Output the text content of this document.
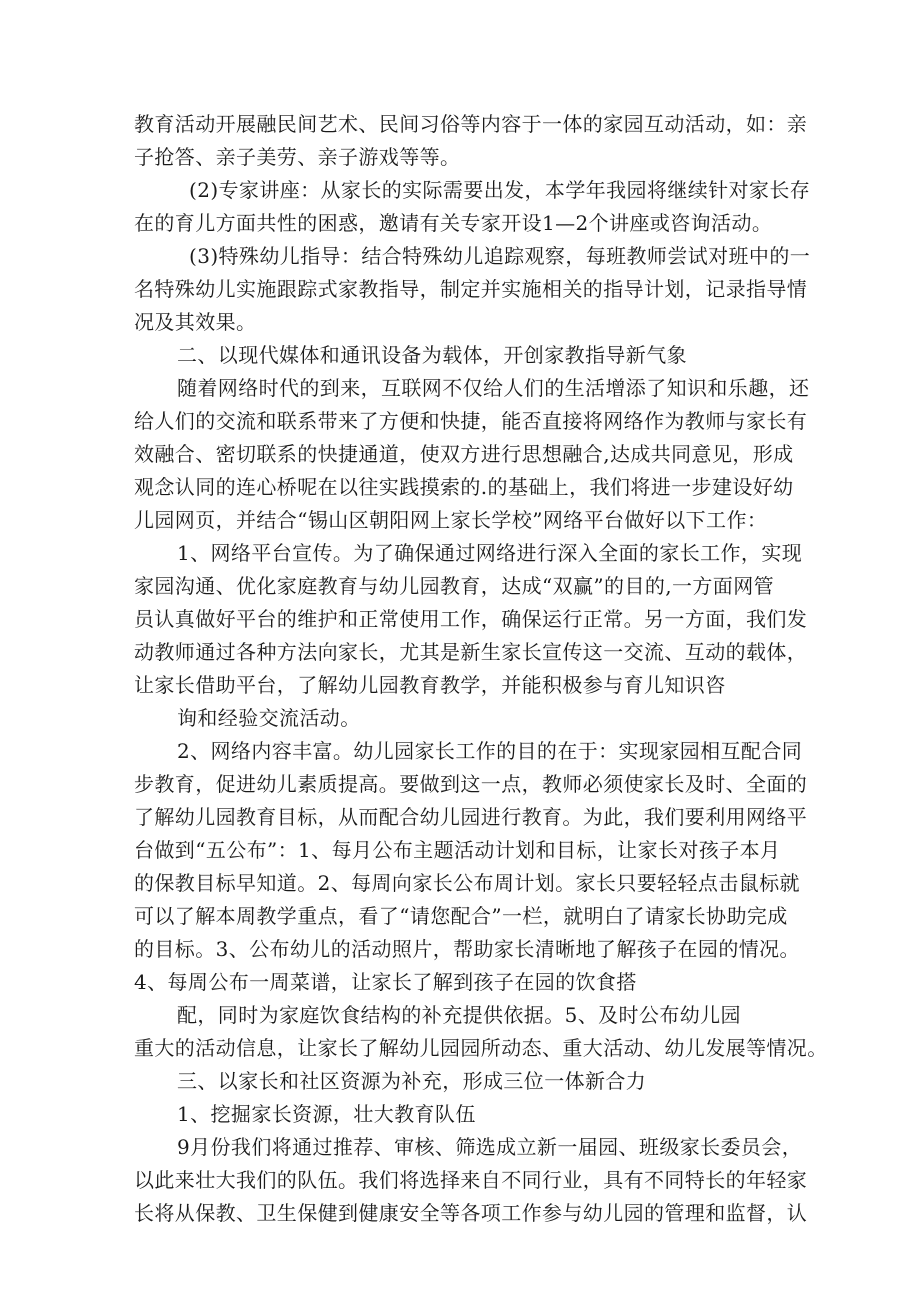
教育活动开展融民间艺术、民间习俗等内容于一体的家园互动活动，如：亲
子抢答、亲子美劳、亲子游戏等等。
(2)专家讲座：从家长的实际需要出发，本学年我园将继续针对家长存
在的育儿方面共性的困惑，邀请有关专家开设1—2个讲座或咨询活动。
(3)特殊幼儿指导：结合特殊幼儿追踪观察，每班教师尝试对班中的一
名特殊幼儿实施跟踪式家教指导，制定并实施相关的指导计划，记录指导情
况及其效果。
二、以现代媒体和通讯设备为载体，开创家教指导新气象
随着网络时代的到来，互联网不仅给人们的生活增添了知识和乐趣，还
给人们的交流和联系带来了方便和快捷，能否直接将网络作为教师与家长有
效融合、密切联系的快捷通道，使双方进行思想融合,达成共同意见，形成
观念认同的连心桥呢在以往实践摸索的.的基础上，我们将进一步建设好幼
儿园网页，并结合“锡山区朝阳网上家长学校”网络平台做好以下工作：
1、网络平台宣传。为了确保通过网络进行深入全面的家长工作，实现
家园沟通、优化家庭教育与幼儿园教育，达成“双赢”的目的,一方面网管
员认真做好平台的维护和正常使用工作，确保运行正常。另一方面，我们发
动教师通过各种方法向家长，尤其是新生家长宣传这一交流、互动的载体，
让家长借助平台，了解幼儿园教育教学，并能积极参与育儿知识咨
询和经验交流活动。
2、网络内容丰富。幼儿园家长工作的目的在于：实现家园相互配合同
步教育，促进幼儿素质提高。要做到这一点，教师必须使家长及时、全面的
了解幼儿园教育目标，从而配合幼儿园进行教育。为此，我们要利用网络平
台做到“五公布”：1、每月公布主题活动计划和目标，让家长对孩子本月
的保教目标早知道。2、每周向家长公布周计划。家长只要轻轻点击鼠标就
可以了解本周教学重点，看了“请您配合”一栏，就明白了请家长协助完成
的目标。3、公布幼儿的活动照片，帮助家长清晰地了解孩子在园的情况。
4、每周公布一周菜谱，让家长了解到孩子在园的饮食搭
配，同时为家庭饮食结构的补充提供依据。5、及时公布幼儿园
重大的活动信息，让家长了解幼儿园园所动态、重大活动、幼儿发展等情况。
三、以家长和社区资源为补充，形成三位一体新合力
1、挖掘家长资源，壮大教育队伍
9月份我们将通过推荐、审核、筛选成立新一届园、班级家长委员会，
以此来壮大我们的队伍。我们将选择来自不同行业，具有不同特长的年轻家
长将从保教、卫生保健到健康安全等各项工作参与幼儿园的管理和监督，认
